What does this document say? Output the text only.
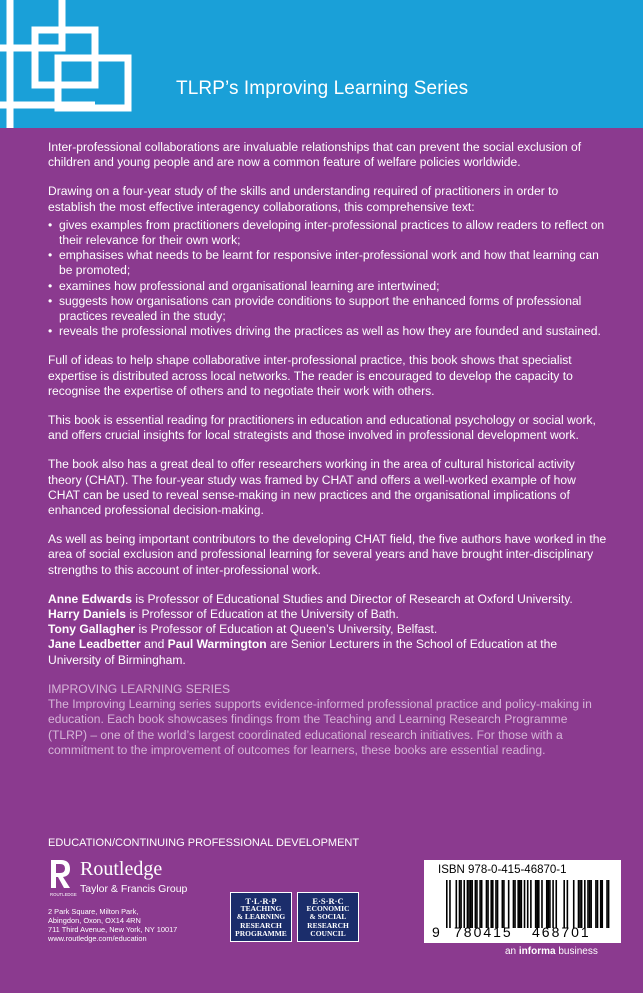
TLRP’s Improving Learning Series

Inter-professional collaborations are invaluable relationships that can prevent the social exclusion of children and young people and are now a common feature of welfare policies worldwide.

Drawing on a four-year study of the skills and understanding required of practitioners in order to establish the most effective interagency collaborations, this comprehensive text:

• gives examples from practitioners developing inter-professional practices to allow readers to reflect on their relevance for their own work;
• emphasises what needs to be learnt for responsive inter-professional work and how that learning can be promoted;
• examines how professional and organisational learning are intertwined;
• suggests how organisations can provide conditions to support the enhanced forms of professional practices revealed in the study;
• reveals the professional motives driving the practices as well as how they are founded and sustained.

Full of ideas to help shape collaborative inter-professional practice, this book shows that specialist expertise is distributed across local networks. The reader is encouraged to develop the capacity to recognise the expertise of others and to negotiate their work with others.

This book is essential reading for practitioners in education and educational psychology or social work, and offers crucial insights for local strategists and those involved in professional development work.

The book also has a great deal to offer researchers working in the area of cultural historical activity theory (CHAT). The four-year study was framed by CHAT and offers a well-worked example of how CHAT can be used to reveal sense-making in new practices and the organisational implications of enhanced professional decision-making.

As well as being important contributors to the developing CHAT field, the five authors have worked in the area of social exclusion and professional learning for several years and have brought inter-disciplinary strengths to this account of inter-professional work.

Anne Edwards is Professor of Educational Studies and Director of Research at Oxford University.
Harry Daniels is Professor of Education at the University of Bath.
Tony Gallagher is Professor of Education at Queen’s University, Belfast.
Jane Leadbetter and Paul Warmington are Senior Lecturers in the School of Education at the University of Birmingham.
IMPROVING LEARNING SERIES
The Improving Learning series supports evidence-informed professional practice and policy-making in education. Each book showcases findings from the Teaching and Learning Research Programme (TLRP) – one of the world’s largest coordinated educational research initiatives. For those with a commitment to the improvement of outcomes for learners, these books are essential reading.
EDUCATION/CONTINUING PROFESSIONAL DEVELOPMENT
ROUTLEDGE
Routledge
Taylor & Francis Group
2 Park Square, Milton Park,
Abingdon, Oxon, OX14 4RN
711 Third Avenue, New York, NY 10017
www.routledge.com/education
T·L·R·P
TEACHING
& LEARNING
RESEARCH
PROGRAMME
E·S·R·C
ECONOMIC
& SOCIAL
RESEARCH
COUNCIL
ISBN 978-0-415-46870-1
9 780415 468701
an informa business
